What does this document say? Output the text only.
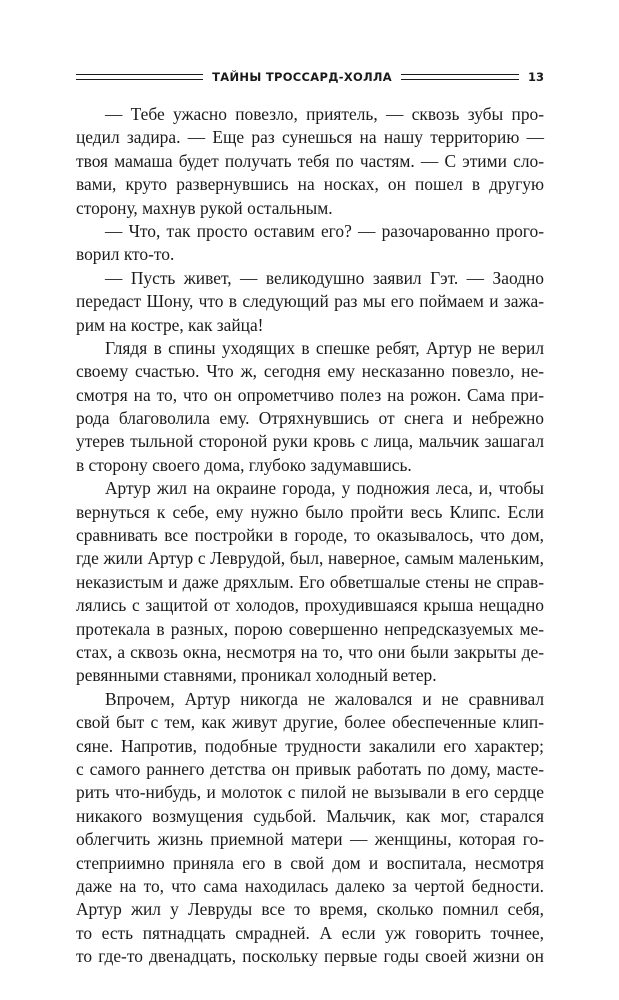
ТАЙНЫ ТРОССАРД-ХОЛЛА	13
— Тебе ужасно повезло, приятель, — сквозь зубы про-
цедил задира. — Еще раз сунешься на нашу территорию —
твоя мамаша будет получать тебя по частям. — С этими сло-
вами, круто развернувшись на носках, он пошел в другую
сторону, махнув рукой остальным.
— Что, так просто оставим его? — разочарованно прого-
ворил кто-то.
— Пусть живет, — великодушно заявил Гэт. — Заодно
передаст Шону, что в следующий раз мы его поймаем и зажа-
рим на костре, как зайца!
Глядя в спины уходящих в спешке ребят, Артур не верил
своему счастью. Что ж, сегодня ему несказанно повезло, не-
смотря на то, что он опрометчиво полез на рожон. Сама при-
рода благоволила ему. Отряхнувшись от снега и небрежно
утерев тыльной стороной руки кровь с лица, мальчик зашагал
в сторону своего дома, глубоко задумавшись.
Артур жил на окраине города, у подножия леса, и, чтобы
вернуться к себе, ему нужно было пройти весь Клипс. Если
сравнивать все постройки в городе, то оказывалось, что дом,
где жили Артур с Леврудой, был, наверное, самым маленьким,
неказистым и даже дряхлым. Его обветшалые стены не справ-
лялись с защитой от холодов, прохудившаяся крыша нещадно
протекала в разных, порою совершенно непредсказуемых ме-
стах, а сквозь окна, несмотря на то, что они были закрыты де-
ревянными ставнями, проникал холодный ветер.
Впрочем, Артур никогда не жаловался и не сравнивал
свой быт с тем, как живут другие, более обеспеченные клип-
сяне. Напротив, подобные трудности закалили его характер;
с самого раннего детства он привык работать по дому, масте-
рить что-нибудь, и молоток с пилой не вызывали в его сердце
никакого возмущения судьбой. Мальчик, как мог, старался
облегчить жизнь приемной матери — женщины, которая го-
степриимно приняла его в свой дом и воспитала, несмотря
даже на то, что сама находилась далеко за чертой бедности.
Артур жил у Левруды все то время, сколько помнил себя,
то есть пятнадцать смрадней. А если уж говорить точнее,
то где-то двенадцать, поскольку первые годы своей жизни он
